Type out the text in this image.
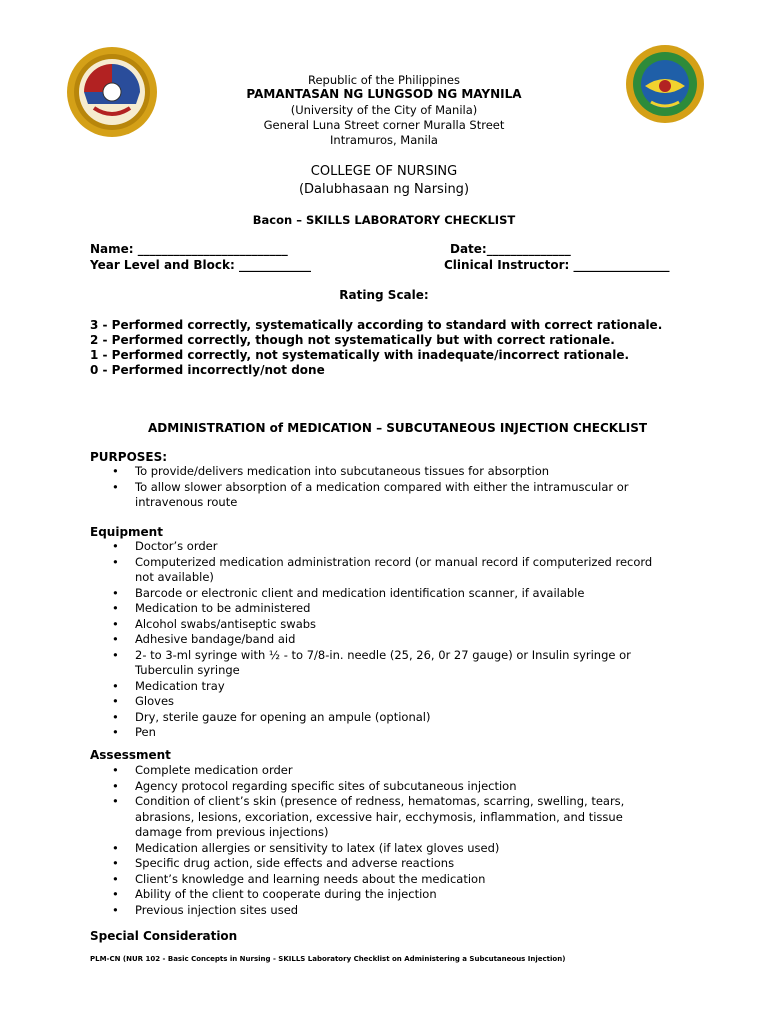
Republic of the Philippines
PAMANTASAN NG LUNGSOD NG MAYNILA
(University of the City of Manila)
General Luna Street corner Muralla Street
Intramuros, Manila
COLLEGE OF NURSING
(Dalubhasaan ng Narsing)
Bacon – SKILLS LABORATORY CHECKLIST
Name: _________________________	Date:______________
Year Level and Block: ____________	Clinical Instructor: ________________
Rating Scale:
3 - Performed correctly, systematically according to standard with correct rationale.
2 - Performed correctly, though not systematically but with correct rationale.
1 - Performed correctly, not systematically with inadequate/incorrect rationale.
0 - Performed incorrectly/not done
ADMINISTRATION of MEDICATION – SUBCUTANEOUS INJECTION CHECKLIST
PURPOSES:
• To provide/delivers medication into subcutaneous tissues for absorption
• To allow slower absorption of a medication compared with either the intramuscular or intravenous route
Equipment
• Doctor’s order
• Computerized medication administration record (or manual record if computerized record not available)
• Barcode or electronic client and medication identification scanner, if available
• Medication to be administered
• Alcohol swabs/antiseptic swabs
• Adhesive bandage/band aid
• 2- to 3-ml syringe with ½ - to 7/8-in. needle (25, 26, 0r 27 gauge) or Insulin syringe or Tuberculin syringe
• Medication tray
• Gloves
• Dry, sterile gauze for opening an ampule (optional)
• Pen
Assessment
• Complete medication order
• Agency protocol regarding specific sites of subcutaneous injection
• Condition of client’s skin (presence of redness, hematomas, scarring, swelling, tears, abrasions, lesions, excoriation, excessive hair, ecchymosis, inflammation, and tissue damage from previous injections)
• Medication allergies or sensitivity to latex (if latex gloves used)
• Specific drug action, side effects and adverse reactions
• Client’s knowledge and learning needs about the medication
• Ability of the client to cooperate during the injection
• Previous injection sites used
Special Consideration
PLM-CN (NUR 102 - Basic Concepts in Nursing - SKILLS Laboratory Checklist on Administering a Subcutaneous Injection)
